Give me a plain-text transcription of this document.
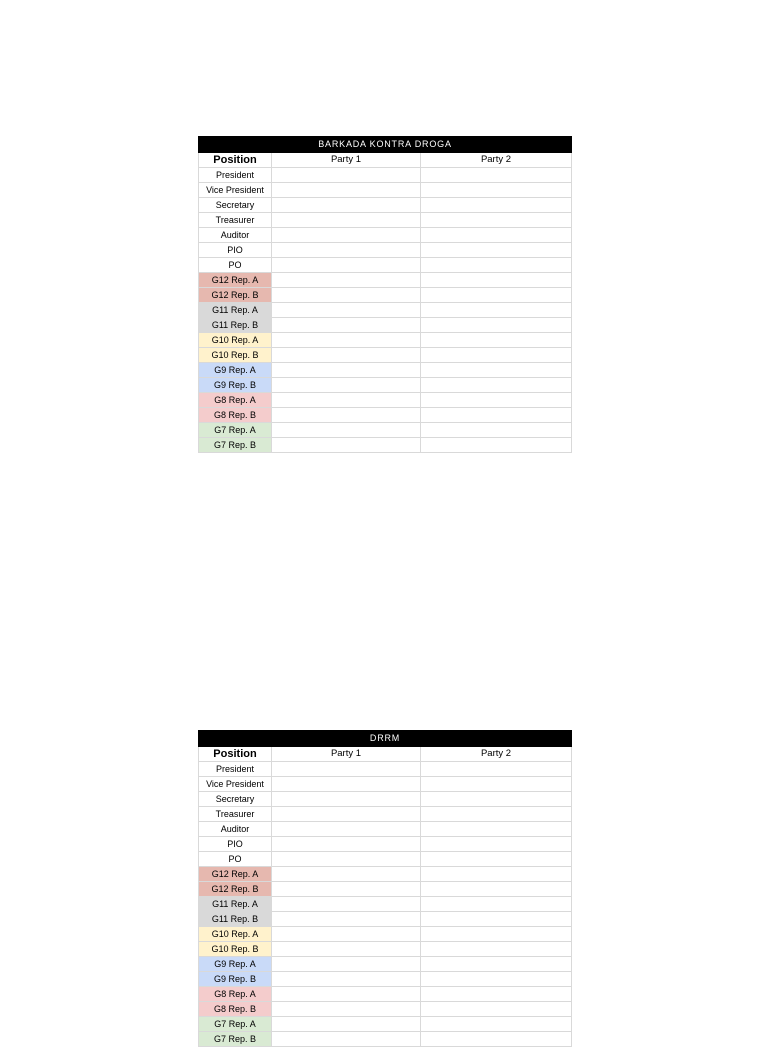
BARKADA KONTRA DROGA		
Position	Party 1	Party 2
President		
Vice President		
Secretary		
Treasurer		
Auditor		
PIO		
PO		
G12 Rep. A		
G12 Rep. B		
G11 Rep. A		
G11 Rep. B		
G10 Rep. A		
G10 Rep. B		
G9 Rep. A		
G9 Rep. B		
G8 Rep. A		
G8 Rep. B		
G7 Rep. A		
G7 Rep. B		
DRRM		
Position	Party 1	Party 2
President		
Vice President		
Secretary		
Treasurer		
Auditor		
PIO		
PO		
G12 Rep. A		
G12 Rep. B		
G11 Rep. A		
G11 Rep. B		
G10 Rep. A		
G10 Rep. B		
G9 Rep. A		
G9 Rep. B		
G8 Rep. A		
G8 Rep. B		
G7 Rep. A		
G7 Rep. B		
